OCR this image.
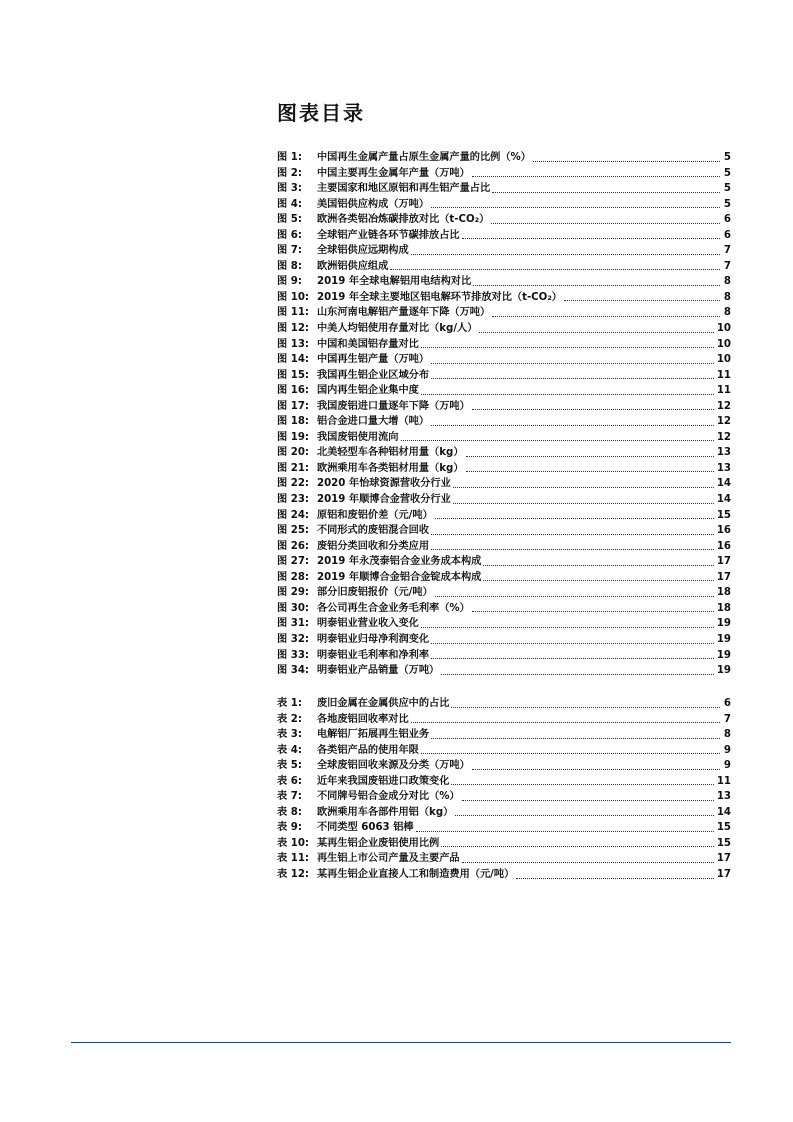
图表目录
图 1:	中国再生金属产量占原生金属产量的比例（%）	5
图 2:	中国主要再生金属年产量（万吨）	5
图 3:	主要国家和地区原铝和再生铝产量占比	5
图 4:	美国铝供应构成（万吨）	5
图 5:	欧洲各类铝冶炼碳排放对比（t-CO₂）	6
图 6:	全球铝产业链各环节碳排放占比	6
图 7:	全球铝供应远期构成	7
图 8:	欧洲铝供应组成	7
图 9:	2019 年全球电解铝用电结构对比	8
图 10: 2019 年全球主要地区铝电解环节排放对比（t-CO₂）	8
图 11: 山东河南电解铝产量逐年下降（万吨）	8
图 12: 中美人均铝使用存量对比（kg/人）	10
图 13: 中国和美国铝存量对比	10
图 14: 中国再生铝产量（万吨）	10
图 15: 我国再生铝企业区域分布	11
图 16: 国内再生铝企业集中度	11
图 17: 我国废铝进口量逐年下降（万吨）	12
图 18: 铝合金进口量大增（吨）	12
图 19: 我国废铝使用流向	12
图 20: 北美轻型车各种铝材用量（kg）	13
图 21: 欧洲乘用车各类铝材用量（kg）	13
图 22: 2020 年怡球资源营收分行业	14
图 23: 2019 年顺博合金营收分行业	14
图 24: 原铝和废铝价差（元/吨）	15
图 25: 不同形式的废铝混合回收	16
图 26: 废铝分类回收和分类应用	16
图 27: 2019 年永茂泰铝合金业务成本构成	17
图 28: 2019 年顺博合金铝合金锭成本构成	17
图 29: 部分旧废铝报价（元/吨）	18
图 30: 各公司再生合金业务毛利率（%）	18
图 31: 明泰铝业营业收入变化	19
图 32: 明泰铝业归母净利润变化	19
图 33: 明泰铝业毛利率和净利率	19
图 34: 明泰铝业产品销量（万吨）	19
表 1:	废旧金属在金属供应中的占比	6
表 2:	各地废铝回收率对比	7
表 3:	电解铝厂拓展再生铝业务	8
表 4:	各类铝产品的使用年限	9
表 5:	全球废铝回收来源及分类（万吨）	9
表 6:	近年来我国废铝进口政策变化	11
表 7:	不同牌号铝合金成分对比（%）	13
表 8:	欧洲乘用车各部件用铝（kg）	14
表 9:	不同类型 6063 铝棒	15
表 10: 某再生铝企业废铝使用比例	15
表 11: 再生铝上市公司产量及主要产品	17
表 12: 某再生铝企业直接人工和制造费用（元/吨）	17
